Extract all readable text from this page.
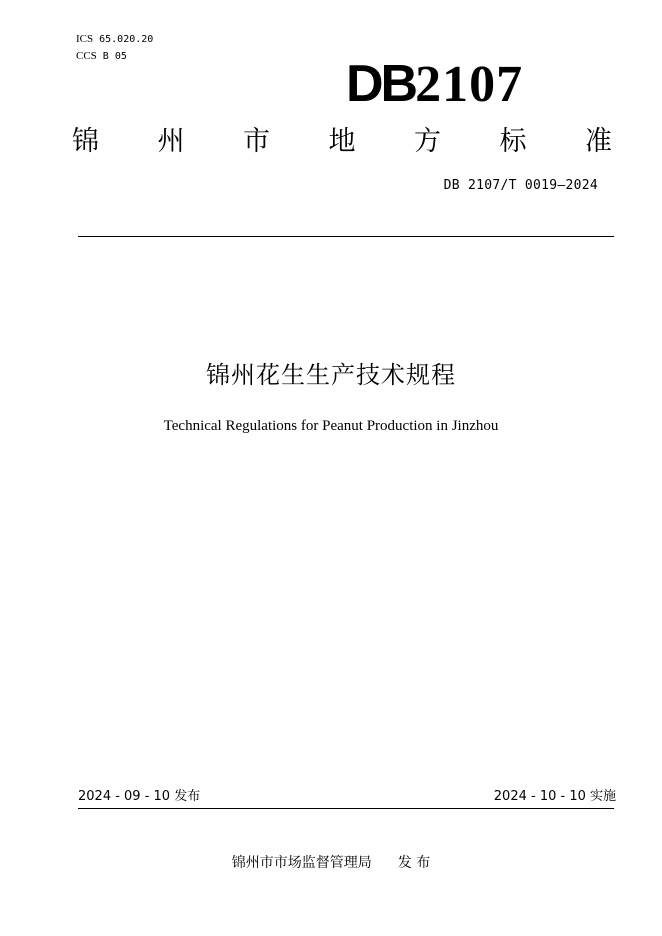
ICS 65.020.20
CCS B 05	DB2107
锦 州 市 地 方 标 准
DB 2107/T 0019—2024
锦州花生生产技术规程
Technical Regulations for Peanut Production in Jinzhou
2024 - 09 - 10 发布	2024 - 10 - 10 实施
锦州市市场监督管理局 发 布
